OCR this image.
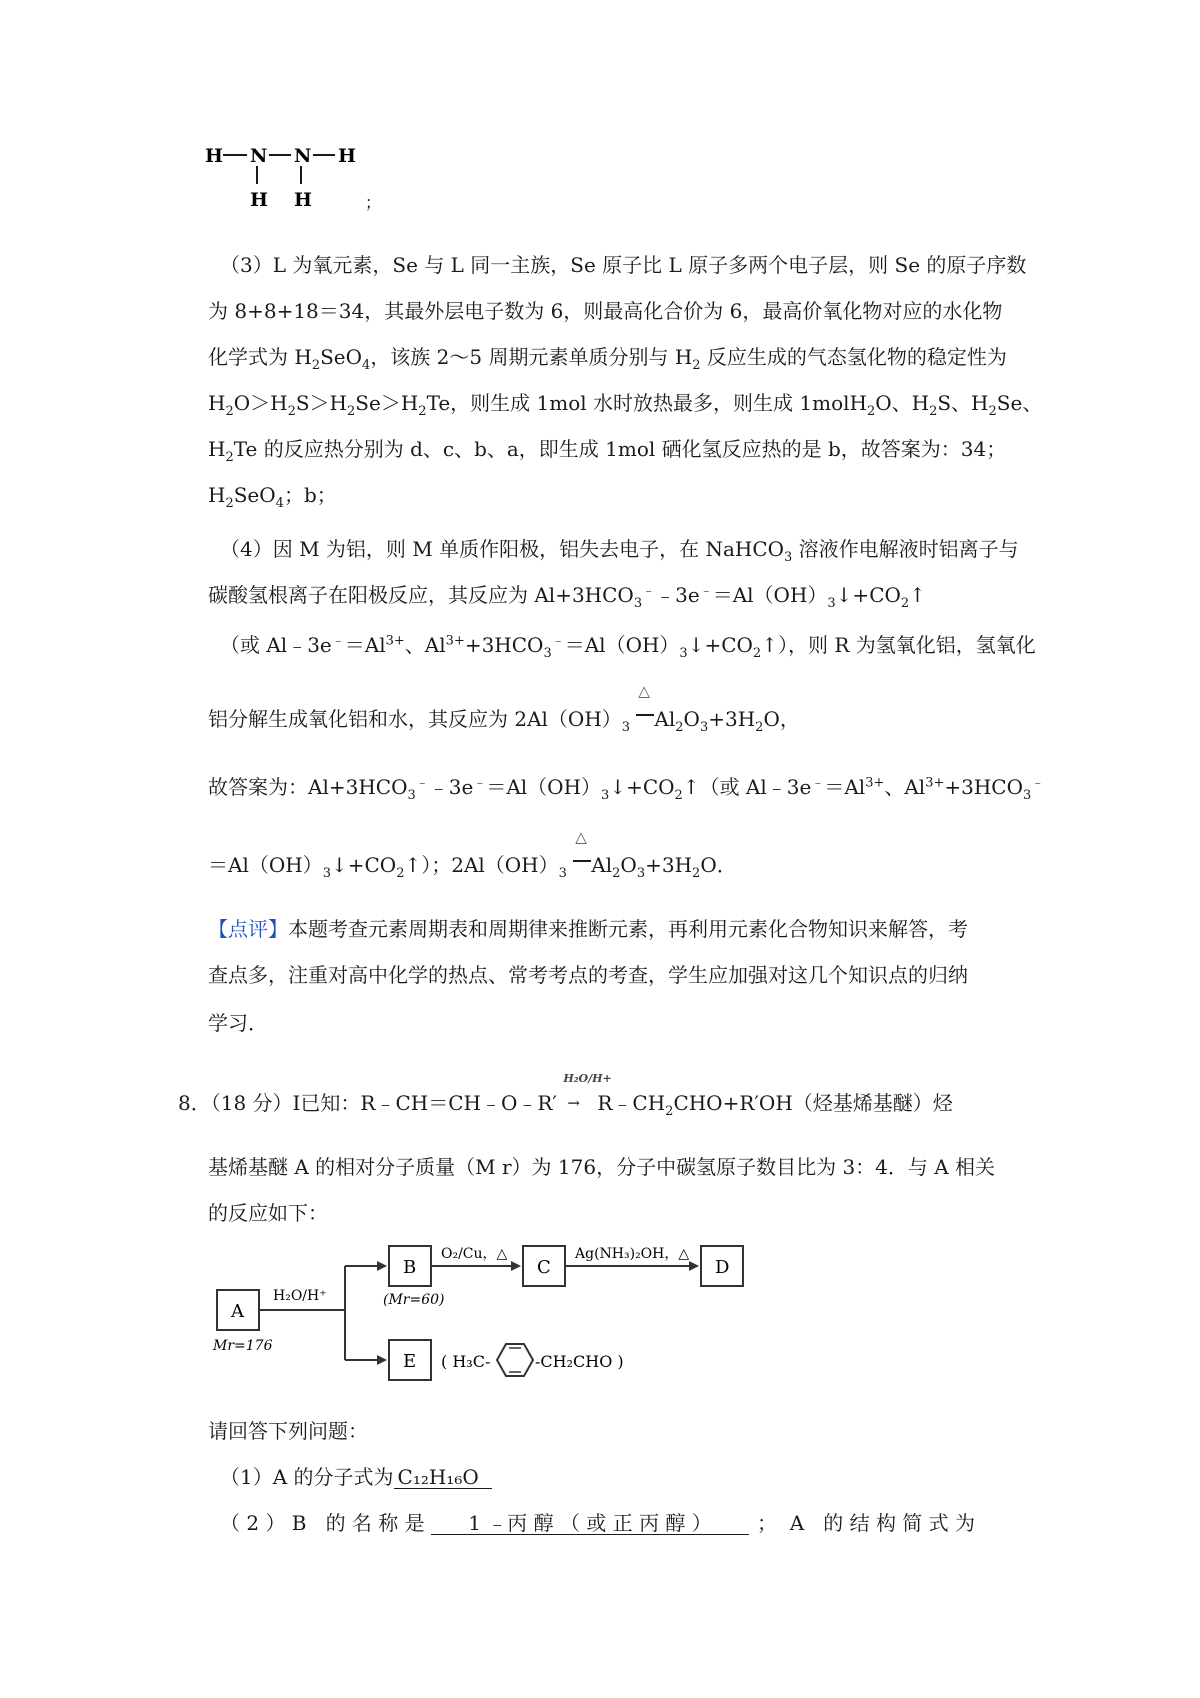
H N N H
H H	；
（3）L 为氧元素，Se 与 L 同一主族，Se 原子比 L 原子多两个电子层，则 Se 的原子序数
为 8+8+18＝34，其最外层电子数为 6，则最高化合价为 6，最高价氧化物对应的水化物
化学式为 $H_2SeO_4$，该族 2～5 周期元素单质分别与 $H_2$ 反应生成的气态氢化物的稳定性为
$H_2O>H_2S>H_2Se>H_2Te$，则生成 1mol 水时放热最多，则生成 1molH$_2$O、$H_2S$、$H_2Se$、
$H_2Te$ 的反应热分别为 d、c、b、a，即生成 1mol 硒化氢反应热的是 b，故答案为：34；
$H_2SeO_4$；b；
（4）因 M 为铝，则 M 单质作阳极，铝失去电子，在 NaHCO$_3$ 溶液作电解液时铝离子与
碳酸氢根离子在阳极反应，其反应为 $Al+3HCO_3^﹣﹣3e^﹣=Al(OH)_3↓+CO_2↑$
（或 $Al﹣3e^﹣=Al^{3+}$、$Al^{3+}+3HCO_3^﹣=Al(OH)_3↓+CO_2↑$），则 R 为氢氧化铝，氢氧化
铝分解生成氧化铝和水，其反应为 $2Al(OH)_3$
△
$Al_2O_3+3H_2O$，
故答案为：$Al+3HCO_3^﹣﹣3e^﹣=Al(OH)_3↓+CO_2↑$（或 $Al﹣3e^﹣=Al^{3+}$、$Al^{3+}+3HCO_3^﹣$
$=Al(OH)_3↓+CO_2↑$）；$2Al(OH)_3$
△
$Al_2O_3+3H_2O$．
【点评】本题考查元素周期表和周期律来推断元素，再利用元素化合物知识来解答，考
查点多，注重对高中化学的热点、常考考点的考查，学生应加强对这几个知识点的归纳
学习．
8．（18 分）Ⅰ已知：R﹣CH＝CH﹣O﹣R′
H₂O/H+
→ $R﹣CH_2CHO+R'OH$（烃基烯基醚）烃
基烯基醚 A 的相对分子质量（M r）为 176，分子中碳氢原子数目比为 3：4．与 A 相关
的反应如下：
A
Mr=176
H₂O/H⁺
B
(Mr=60)
O₂/Cu，△
C
Ag(NH₃)₂OH，△
D
E ( H₃C-	-CH₂CHO )
请回答下列问题：
（1）A 的分子式为 C₁₂H₁₆O
（ 2 ） B   的 名 称 是 1 ﹣丙 醇 （ 或 正 丙 醇 ） ；  A   的 结 构 简 式 为
